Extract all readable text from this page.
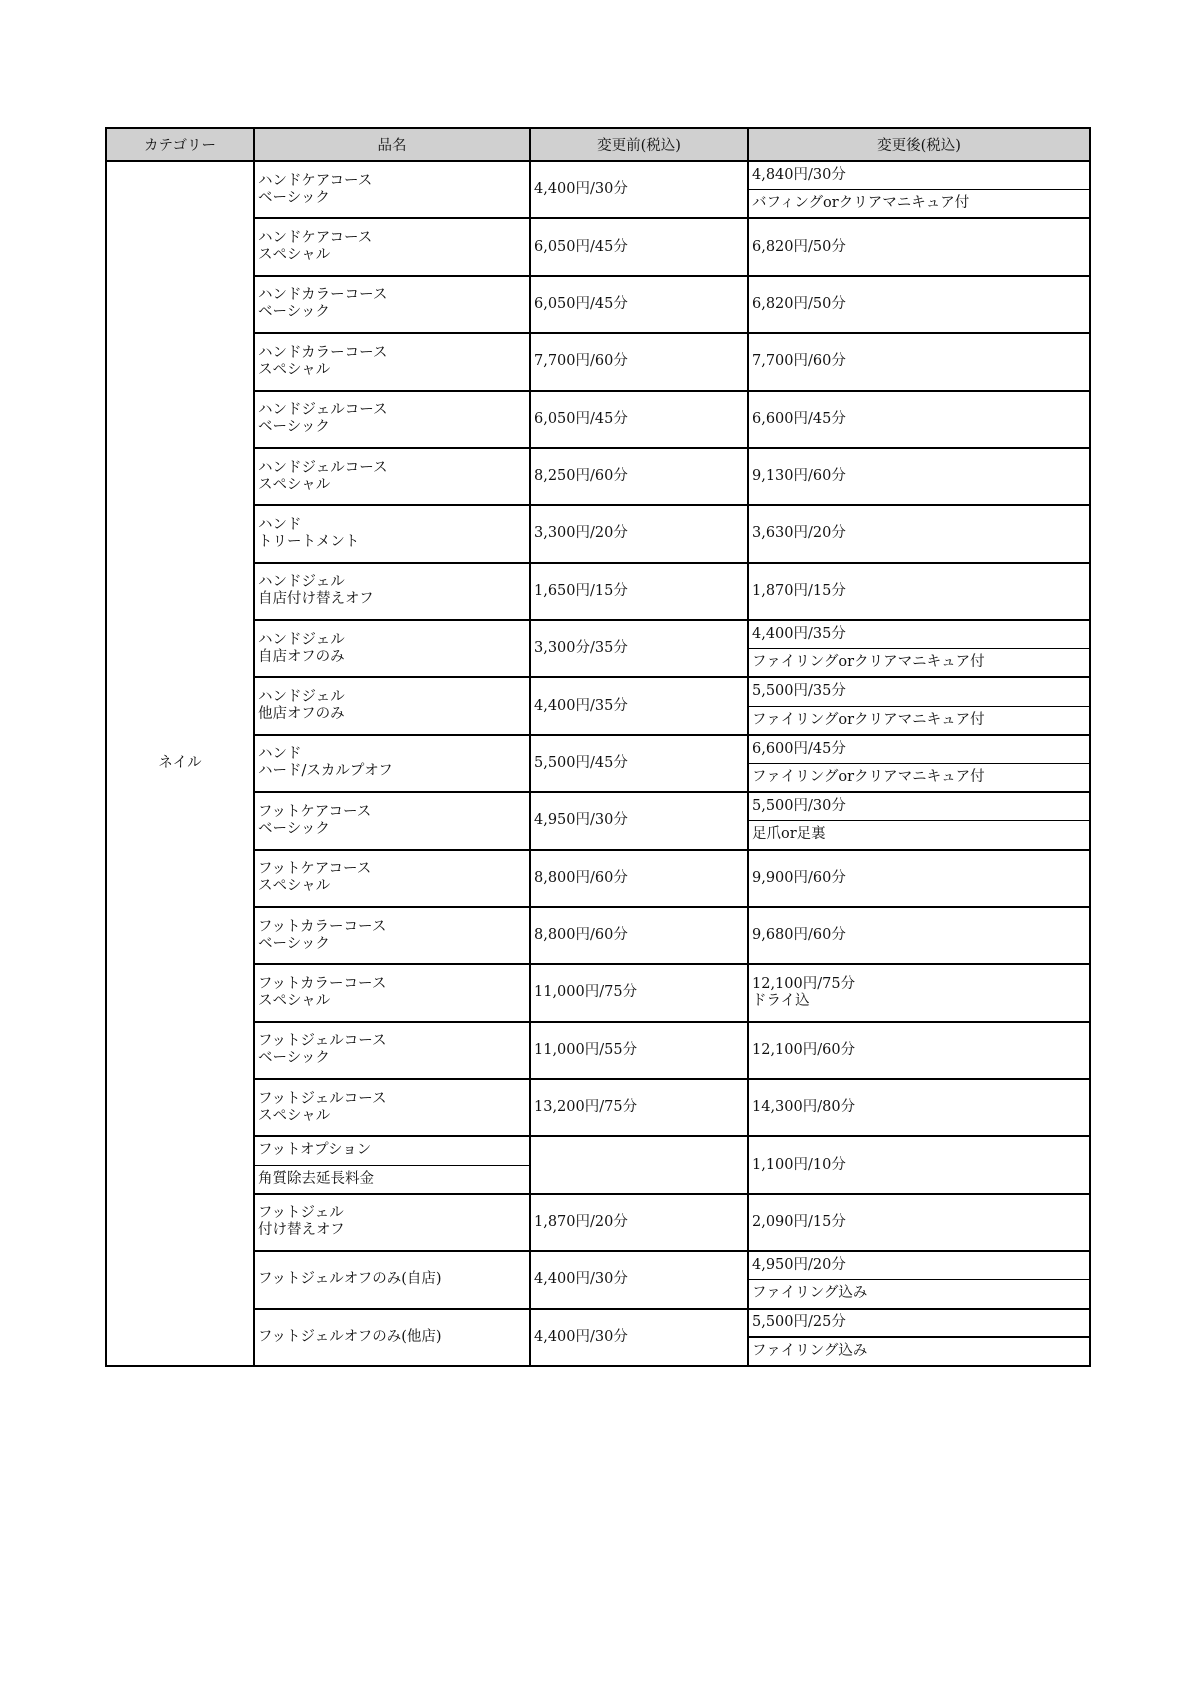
カテゴリー	品名	変更前(税込)	変更後(税込)
ネイル	ハンドケアコース
ベーシック	4,400円/30分	4,840円/30分
			バフィングorクリアマニキュア付

	ハンドケアコース
スペシャル	6,050円/45分	6,820円/50分

	ハンドカラーコース
ベーシック	6,050円/45分	6,820円/50分

	ハンドカラーコース
スペシャル	7,700円/60分	7,700円/60分

	ハンドジェルコース
ベーシック	6,050円/45分	6,600円/45分

	ハンドジェルコース
スペシャル	8,250円/60分	9,130円/60分

	ハンド
トリートメント	3,300円/20分	3,630円/20分

	ハンドジェル
自店付け替えオフ	1,650円/15分	1,870円/15分

	ハンドジェル
自店オフのみ	3,300分/35分	4,400円/35分
			ファイリングorクリアマニキュア付

	ハンドジェル
他店オフのみ	4,400円/35分	5,500円/35分
			ファイリングorクリアマニキュア付

	ハンド
ハード/スカルプオフ	5,500円/45分	6,600円/45分
			ファイリングorクリアマニキュア付

	フットケアコース
ベーシック	4,950円/30分	5,500円/30分
			足爪or足裏

	フットケアコース
スペシャル	8,800円/60分	9,900円/60分

	フットカラーコース
ベーシック	8,800円/60分	9,680円/60分

	フットカラーコース
スペシャル	11,000円/75分	12,100円/75分
ドライ込

	フットジェルコース
ベーシック	11,000円/55分	12,100円/60分

	フットジェルコース
スペシャル	13,200円/75分	14,300円/80分

	フットオプション		1,100円/10分

	角質除去延長料金		

	フットジェル
付け替えオフ	1,870円/20分	2,090円/15分

	フットジェルオフのみ(自店)	4,400円/30分	4,950円/20分
			ファイリング込み

	フットジェルオフのみ(他店)	4,400円/30分	5,500円/25分
			ファイリング込み
